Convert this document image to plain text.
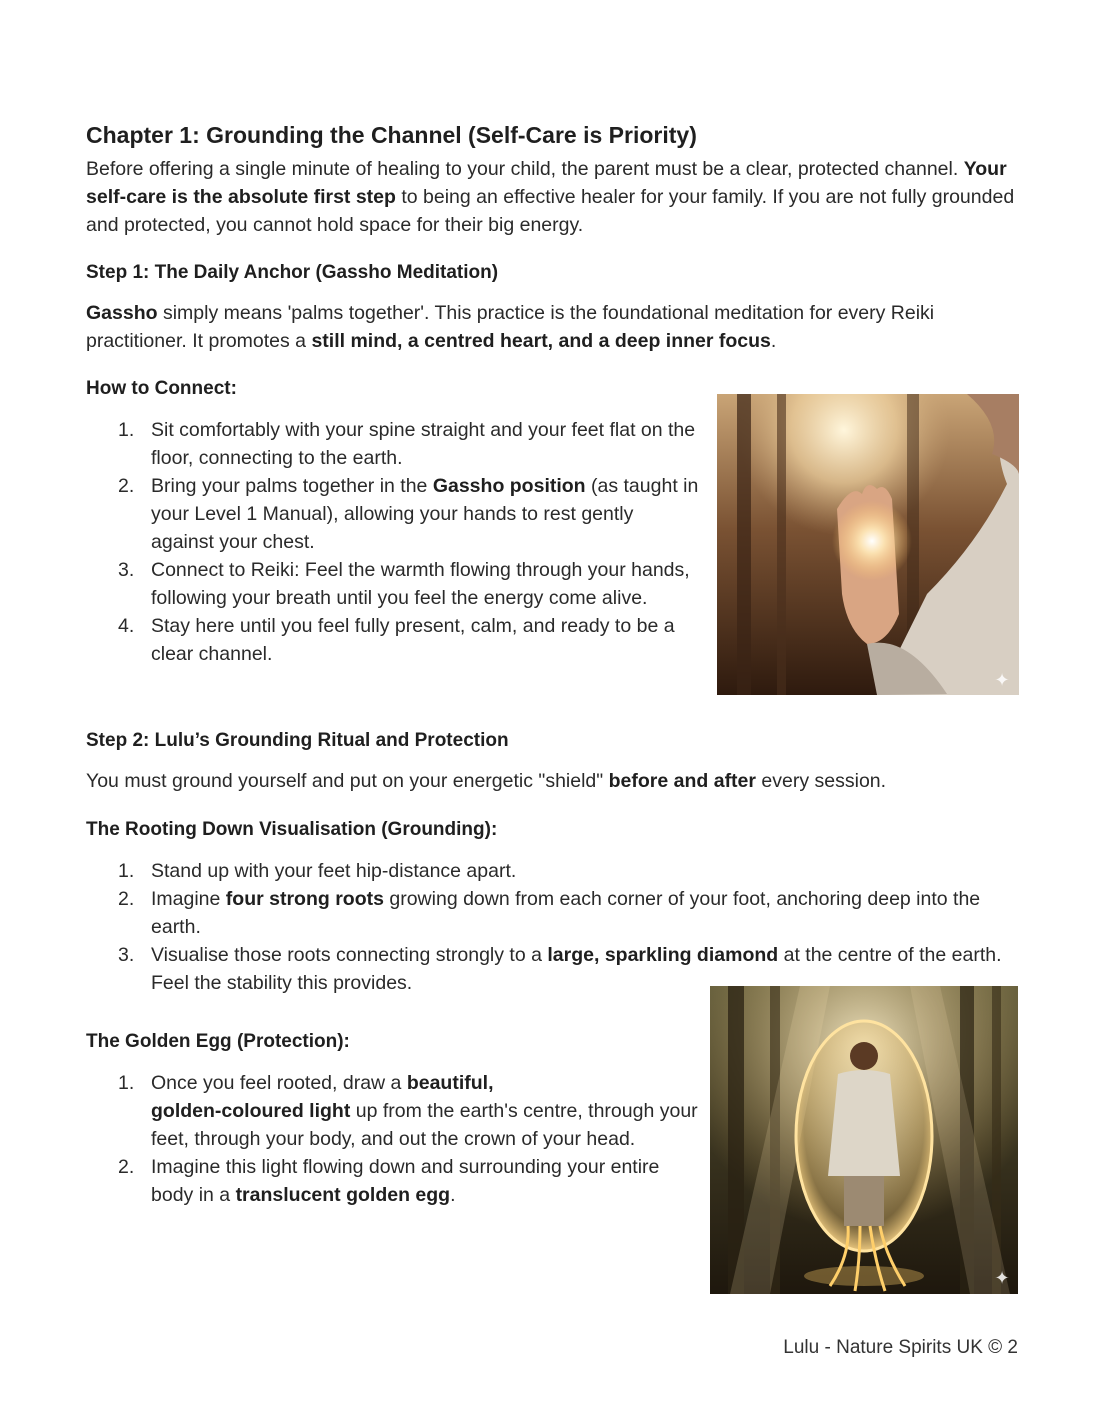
Chapter 1: Grounding the Channel (Self-Care is Priority)

Before offering a single minute of healing to your child, the parent must be a clear, protected channel. Your self-care is the absolute first step to being an effective healer for your family. If you are not fully grounded and protected, you cannot hold space for their big energy.

Step 1: The Daily Anchor (Gassho Meditation)

Gassho simply means 'palms together'. This practice is the foundational meditation for every Reiki practitioner. It promotes a still mind, a centred heart, and a deep inner focus.

How to Connect:
1. Sit comfortably with your spine straight and your feet flat on the floor, connecting to the earth.
2. Bring your palms together in the Gassho position (as taught in your Level 1 Manual), allowing your hands to rest gently against your chest.
3. Connect to Reiki: Feel the warmth flowing through your hands, following your breath until you feel the energy come alive.
4. Stay here until you feel fully present, calm, and ready to be a clear channel.
✦
Step 2: Lulu’s Grounding Ritual and Protection

You must ground yourself and put on your energetic "shield" before and after every session.

The Rooting Down Visualisation (Grounding):
1. Stand up with your feet hip-distance apart.
2. Imagine four strong roots growing down from each corner of your foot, anchoring deep into the earth.
3. Visualise those roots connecting strongly to a large, sparkling diamond at the centre of the earth. Feel the stability this provides.
The Golden Egg (Protection):
1. Once you feel rooted, draw a beautiful,
golden-coloured light up from the earth's centre, through your feet, through your body, and out the crown of your head.
2. Imagine this light flowing down and surrounding your entire body in a translucent golden egg.
✦
Lulu - Nature Spirits UK © 2
